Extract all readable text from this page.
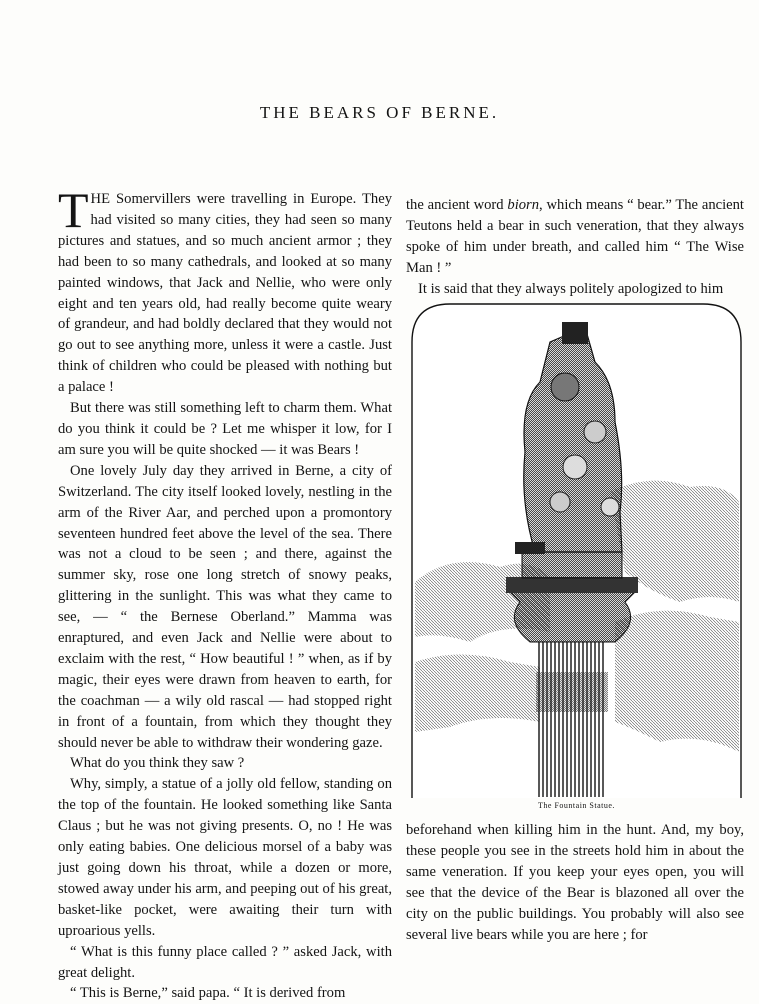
THE BEARS OF BERNE.

THE Somervillers were travelling in Europe. They had visited so many cities, they had seen so many pictures and statues, and so much ancient armor ; they had been to so many cathedrals, and looked at so many painted windows, that Jack and Nellie, who were only eight and ten years old, had really become quite weary of grandeur, and had boldly declared that they would not go out to see anything more, unless it were a castle. Just think of children who could be pleased with nothing but a palace !

But there was still something left to charm them. What do you think it could be ? Let me whisper it low, for I am sure you will be quite shocked — it was Bears !

One lovely July day they arrived in Berne, a city of Switzerland. The city itself looked lovely, nestling in the arm of the River Aar, and perched upon a promontory seventeen hundred feet above the level of the sea. There was not a cloud to be seen ; and there, against the summer sky, rose one long stretch of snowy peaks, glittering in the sunlight. This was what they came to see, — “ the Bernese Oberland.” Mamma was enraptured, and even Jack and Nellie were about to exclaim with the rest, “ How beautiful ! ” when, as if by magic, their eyes were drawn from heaven to earth, for the coachman — a wily old rascal — had stopped right in front of a fountain, from which they thought they should never be able to withdraw their wondering gaze.

What do you think they saw ?

Why, simply, a statue of a jolly old fellow, standing on the top of the fountain. He looked something like Santa Claus ; but he was not giving presents. O, no ! He was only eating babies. One delicious morsel of a baby was just going down his throat, while a dozen or more, stowed away under his arm, and peeping out of his great, basket-like pocket, were awaiting their turn with uproarious yells.

“ What is this funny place called ? ” asked Jack, with great delight.

“ This is Berne,” said papa. “ It is derived from

the ancient word biorn, which means “ bear.” The ancient Teutons held a bear in such veneration, that they always spoke of him under breath, and called him “ The Wise Man ! ”

It is said that they always politely apologized to him

The Fountain Statue.

beforehand when killing him in the hunt. And, my boy, these people you see in the streets hold him in about the same veneration. If you keep your eyes open, you will see that the device of the Bear is blazoned all over the city on the public buildings. You probably will also see several live bears while you are here ; for
